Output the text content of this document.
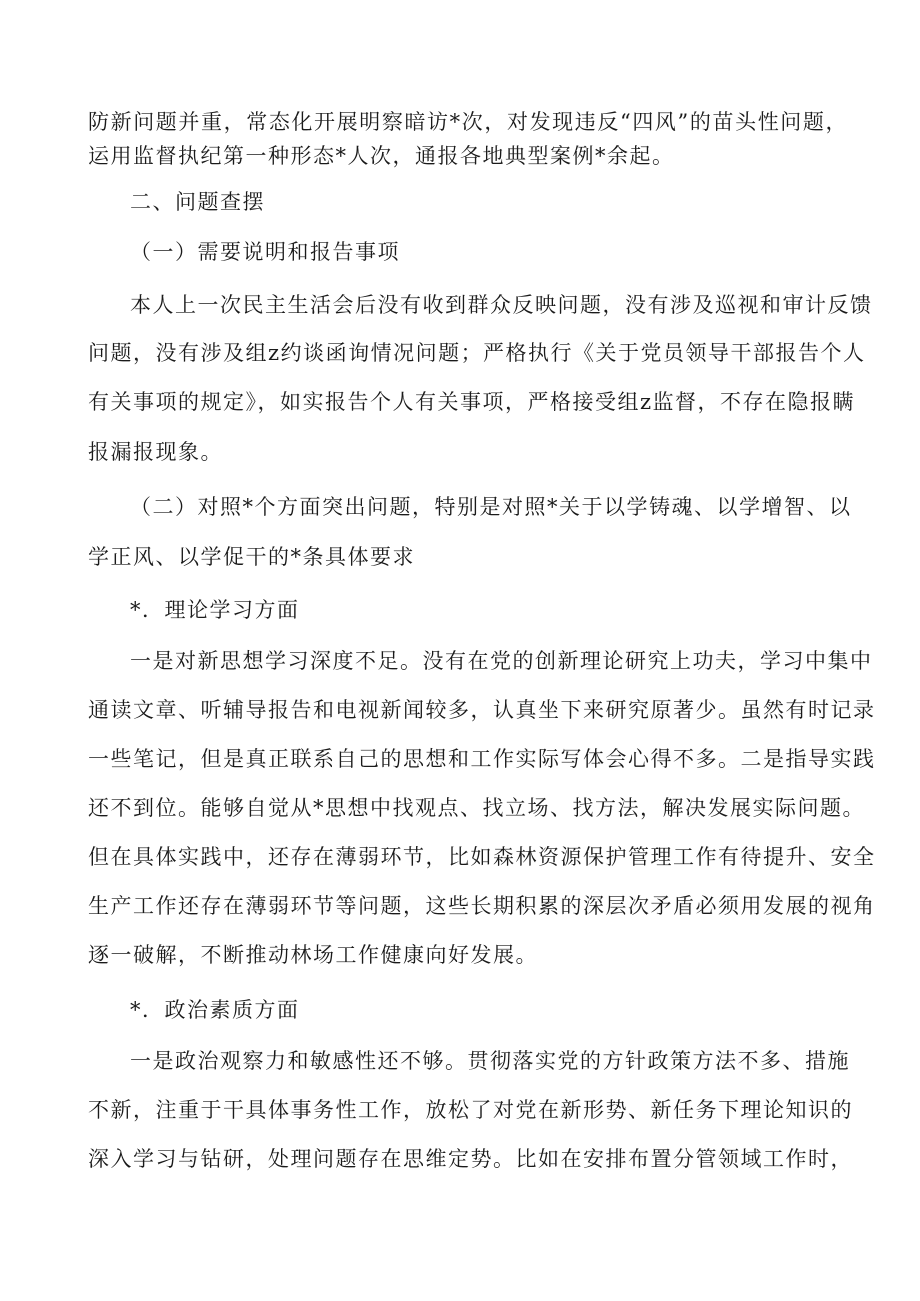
防新问题并重，常态化开展明察暗访*次，对发现违反“四风”的苗头性问题，
运用监督执纪第一种形态*人次，通报各地典型案例*余起。
二、问题查摆
（一）需要说明和报告事项
本人上一次民主生活会后没有收到群众反映问题，没有涉及巡视和审计反馈
问题，没有涉及组z约谈函询情况问题；严格执行《关于党员领导干部报告个人
有关事项的规定》，如实报告个人有关事项，严格接受组z监督，不存在隐报瞒
报漏报现象。
（二）对照*个方面突出问题，特别是对照*关于以学铸魂、以学增智、以
学正风、以学促干的*条具体要求
*．理论学习方面
一是对新思想学习深度不足。没有在党的创新理论研究上功夫，学习中集中
通读文章、听辅导报告和电视新闻较多，认真坐下来研究原著少。虽然有时记录
一些笔记，但是真正联系自己的思想和工作实际写体会心得不多。二是指导实践
还不到位。能够自觉从*思想中找观点、找立场、找方法，解决发展实际问题。
但在具体实践中，还存在薄弱环节，比如森林资源保护管理工作有待提升、安全
生产工作还存在薄弱环节等问题，这些长期积累的深层次矛盾必须用发展的视角
逐一破解，不断推动林场工作健康向好发展。
*．政治素质方面
一是政治观察力和敏感性还不够。贯彻落实党的方针政策方法不多、措施
不新，注重于干具体事务性工作，放松了对党在新形势、新任务下理论知识的
深入学习与钻研，处理问题存在思维定势。比如在安排布置分管领域工作时，
